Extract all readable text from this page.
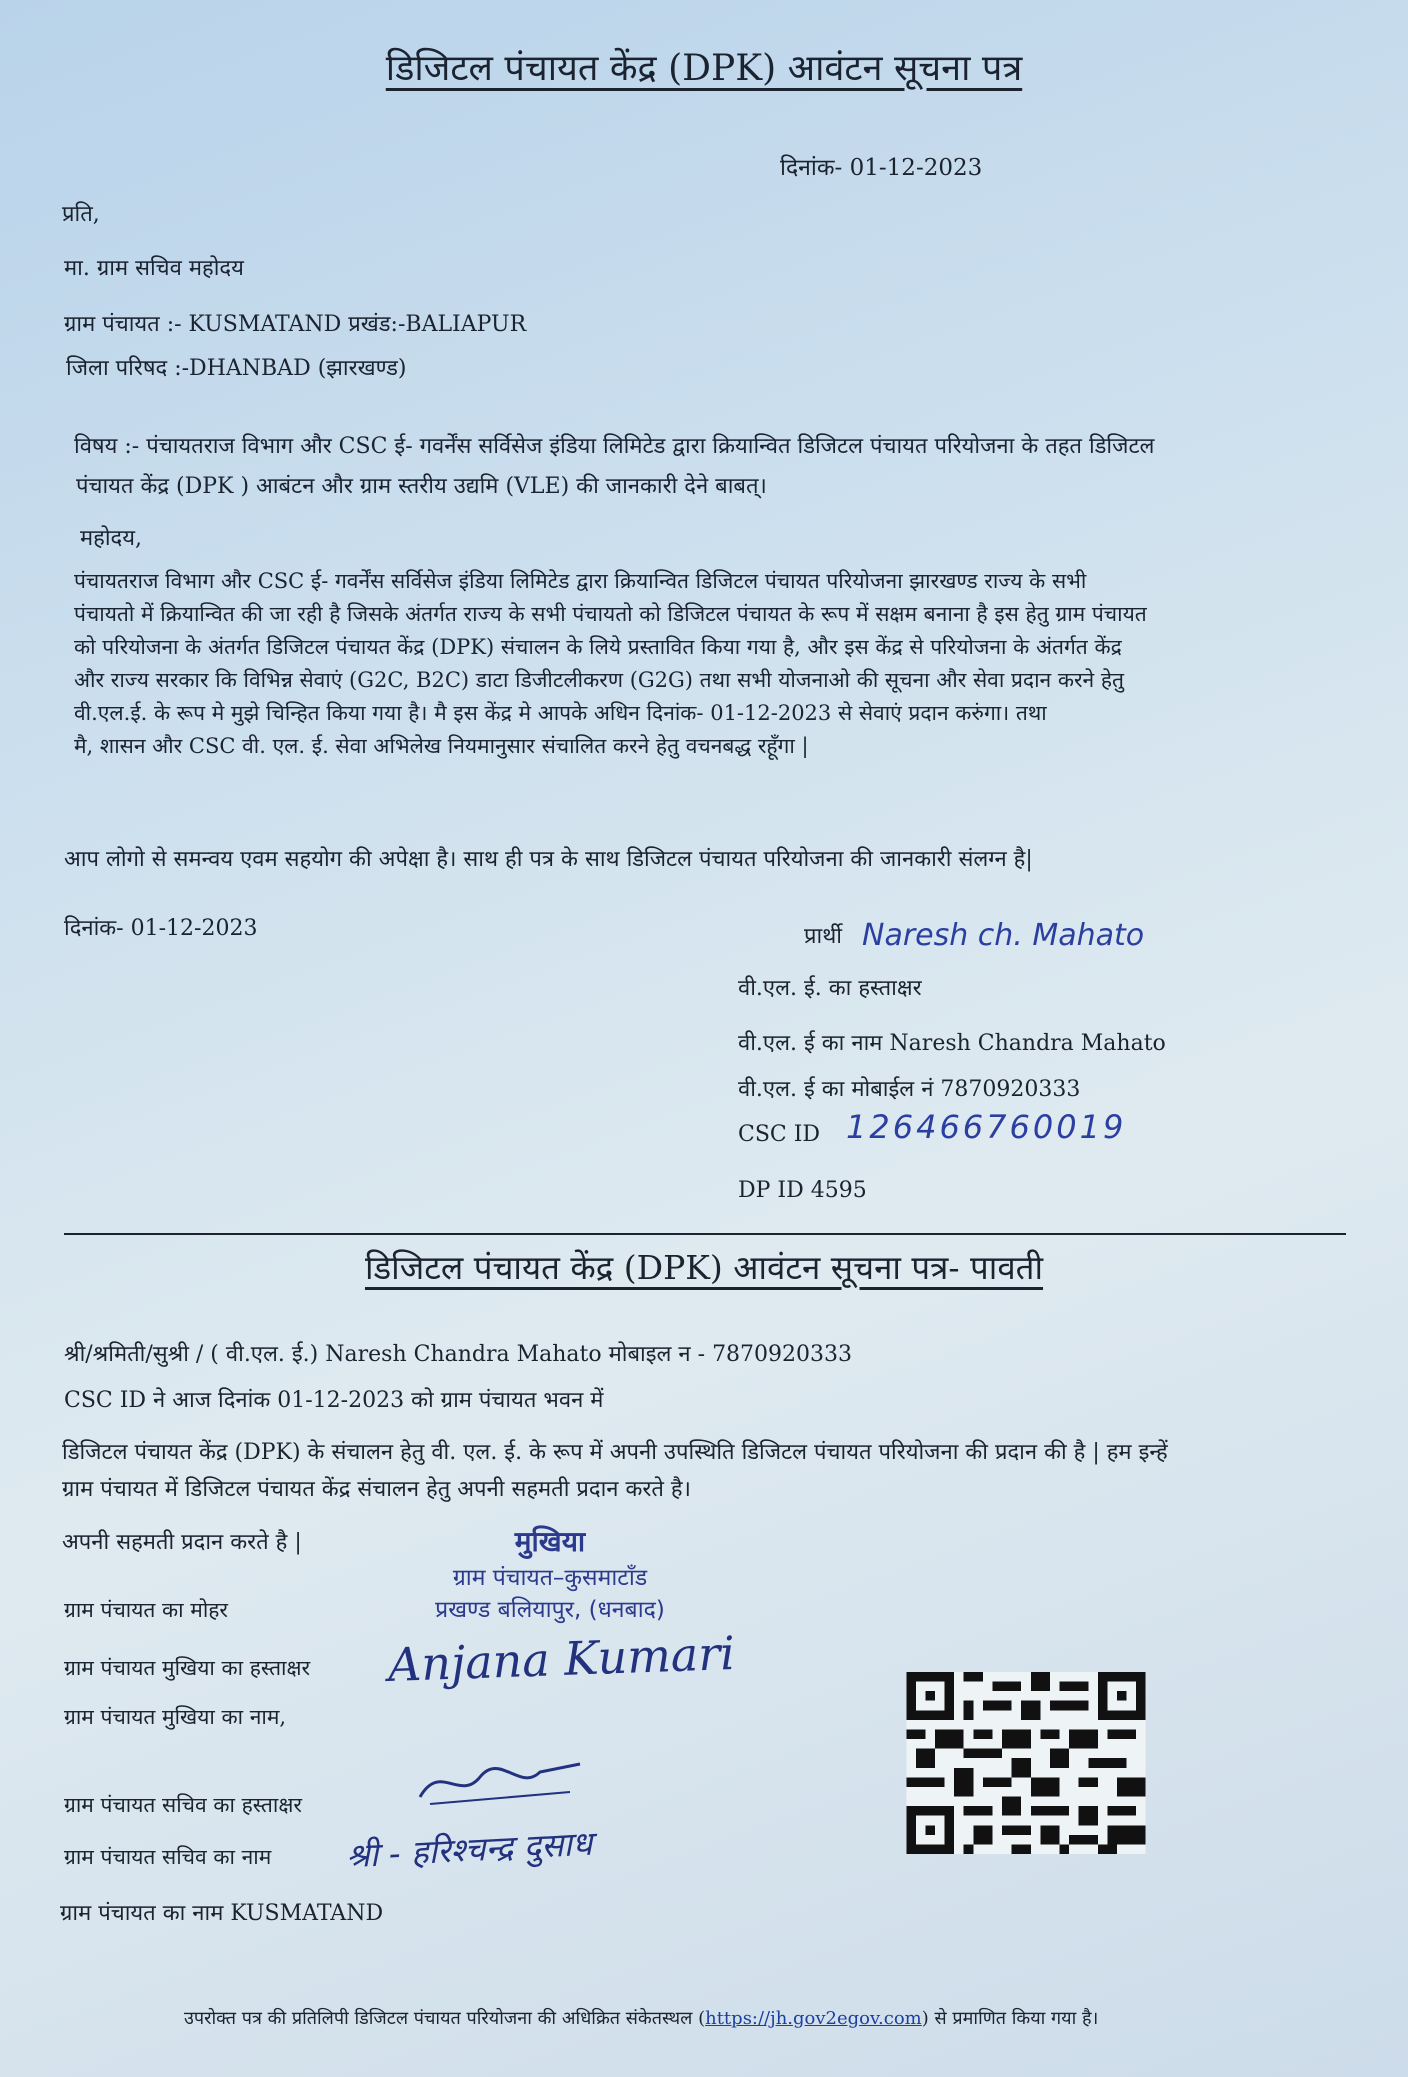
डिजिटल पंचायत केंद्र (DPK) आवंटन सूचना पत्र
दिनांक- 01-12-2023
प्रति,
मा. ग्राम सचिव महोदय
ग्राम पंचायत :- KUSMATAND प्रखंड:-BALIAPUR
जिला परिषद :-DHANBAD (झारखण्ड)
विषय :- पंचायतराज विभाग और CSC ई- गवर्नेंस सर्विसेज इंडिया लिमिटेड द्वारा क्रियान्वित डिजिटल पंचायत परियोजना के तहत डिजिटल
पंचायत केंद्र (DPK ) आबंटन और ग्राम स्तरीय उद्यमि (VLE) की जानकारी देने बाबत्।
महोदय,
पंचायतराज विभाग और CSC ई- गवर्नेंस सर्विसेज इंडिया लिमिटेड द्वारा क्रियान्वित डिजिटल पंचायत परियोजना झारखण्ड राज्य के सभी
पंचायतो में क्रियान्वित की जा रही है जिसके अंतर्गत राज्य के सभी पंचायतो को डिजिटल पंचायत के रूप में सक्षम बनाना है इस हेतु ग्राम पंचायत
को परियोजना के अंतर्गत डिजिटल पंचायत केंद्र (DPK) संचालन के लिये प्रस्तावित किया गया है, और इस केंद्र से परियोजना के अंतर्गत केंद्र
और राज्य सरकार कि विभिन्न सेवाएं (G2C, B2C) डाटा डिजीटलीकरण (G2G) तथा सभी योजनाओ की सूचना और सेवा प्रदान करने हेतु
वी.एल.ई. के रूप मे मुझे चिन्हित किया गया है। मै इस केंद्र मे आपके अधिन दिनांक- 01-12-2023 से सेवाएं प्रदान करुंगा। तथा
मै, शासन और CSC वी. एल. ई. सेवा अभिलेख नियमानुसार संचालित करने हेतु वचनबद्ध रहूँगा |
आप लोगो से समन्वय एवम सहयोग की अपेक्षा है। साथ ही पत्र के साथ डिजिटल पंचायत परियोजना की जानकारी संलग्न है|
दिनांक- 01-12-2023	प्रार्थी Naresh ch. Mahato
वी.एल. ई. का हस्ताक्षर
वी.एल. ई का नाम Naresh Chandra Mahato
वी.एल. ई का मोबाईल नं 7870920333
CSC ID 126466760019
DP ID 4595
डिजिटल पंचायत केंद्र (DPK) आवंटन सूचना पत्र- पावती
श्री/श्रमिती/सुश्री / ( वी.एल. ई.) Naresh Chandra Mahato मोबाइल न - 7870920333
CSC ID ने आज दिनांक 01-12-2023 को ग्राम पंचायत भवन में
डिजिटल पंचायत केंद्र (DPK) के संचालन हेतु वी. एल. ई. के रूप में अपनी उपस्थिति डिजिटल पंचायत परियोजना की प्रदान की है | हम इन्हें
ग्राम पंचायत में डिजिटल पंचायत केंद्र संचालन हेतु अपनी सहमती प्रदान करते है।
अपनी सहमती प्रदान करते है |	मुखिया
ग्राम पंचायत–कुसमाटाँड
प्रखण्ड बलियापुर, (धनबाद)
ग्राम पंचायत का मोहर
ग्राम पंचायत मुखिया का हस्ताक्षर Anjana Kumari
ग्राम पंचायत मुखिया का नाम,
ग्राम पंचायत सचिव का हस्ताक्षर
ग्राम पंचायत सचिव का नाम श्री - हरिश्चन्द्र दुसाध
ग्राम पंचायत का नाम KUSMATAND
उपरोक्त पत्र की प्रतिलिपी डिजिटल पंचायत परियोजना की अधिक्रित संकेतस्थल (https://jh.gov2egov.com) से प्रमाणित किया गया है।
